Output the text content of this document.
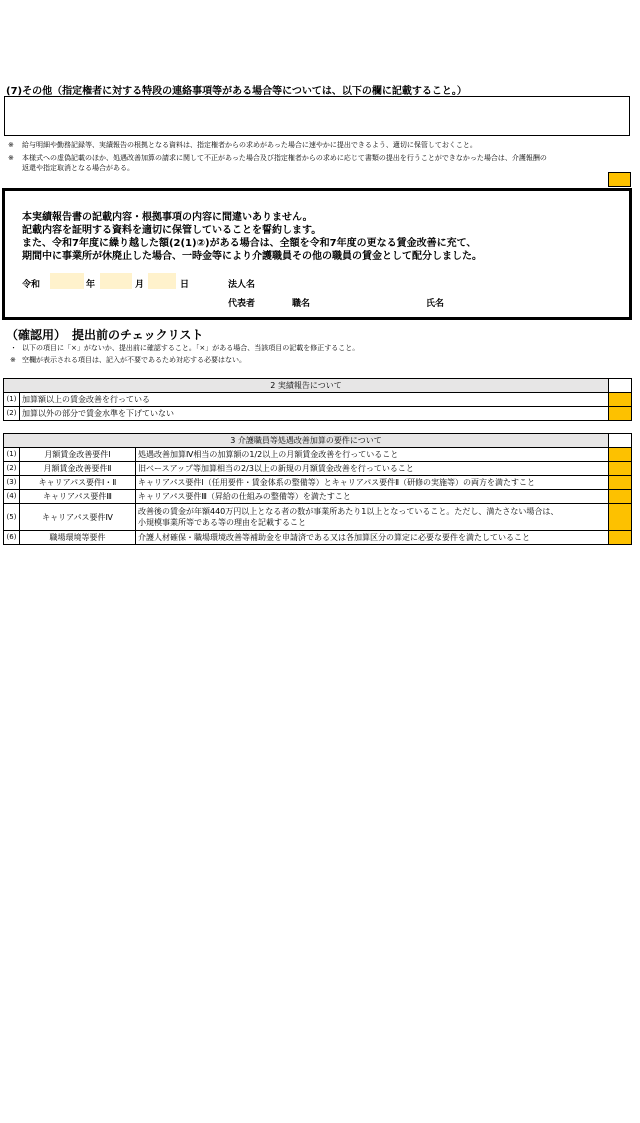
(7)その他（指定権者に対する特段の連絡事項等がある場合等については、以下の欄に記載すること。）
※ 給与明細や勤務記録等、実績報告の根拠となる資料は、指定権者からの求めがあった場合に速やかに提出できるよう、適切に保管しておくこと。
※ 本様式への虚偽記載のほか、処遇改善加算の請求に関して不正があった場合及び指定権者からの求めに応じて書類の提出を行うことができなかった場合は、介護報酬の
返還や指定取消となる場合がある。
本実績報告書の記載内容・根拠事項の内容に間違いありません。
記載内容を証明する資料を適切に保管していることを誓約します。
また、令和7年度に繰り越した額(2(1)②)がある場合は、全額を令和7年度の更なる賃金改善に充て、
期間中に事業所が休廃止した場合、一時金等により介護職員その他の職員の賃金として配分しました。
令和	年	月	日	法人名
代表者	職名	氏名
（確認用）　提出前のチェックリスト
・ 以下の項目に「×」がないか、提出前に確認すること。「×」がある場合、当該項目の記載を修正すること。
※ 空欄が表示される項目は、記入が不要であるため対応する必要はない。
2 実績報告について		
(1)	加算額以上の賃金改善を行っている	
(2)	加算以外の部分で賃金水準を下げていない	
3 介護職員等処遇改善加算の要件について			
(1)	月額賃金改善要件Ⅰ	処遇改善加算Ⅳ相当の加算額の1/2以上の月額賃金改善を行っていること	
(2)	月額賃金改善要件Ⅱ	旧ベースアップ等加算相当の2/3以上の新規の月額賃金改善を行っていること	
(3)	キャリアパス要件Ⅰ・Ⅱ	キャリアパス要件Ⅰ（任用要件・賃金体系の整備等）とキャリアパス要件Ⅱ（研修の実施等）の両方を満たすこと	
(4)	キャリアパス要件Ⅲ	キャリアパス要件Ⅲ（昇給の仕組みの整備等）を満たすこと	
(5)	キャリアパス要件Ⅳ	改善後の賃金が年額440万円以上となる者の数が事業所あたり1以上となっていること。ただし、満たさない場合は、
小規模事業所等である等の理由を記載すること	

(6)	職場環境等要件	介護人材確保・職場環境改善等補助金を申請済である又は各加算区分の算定に必要な要件を満たしていること	
